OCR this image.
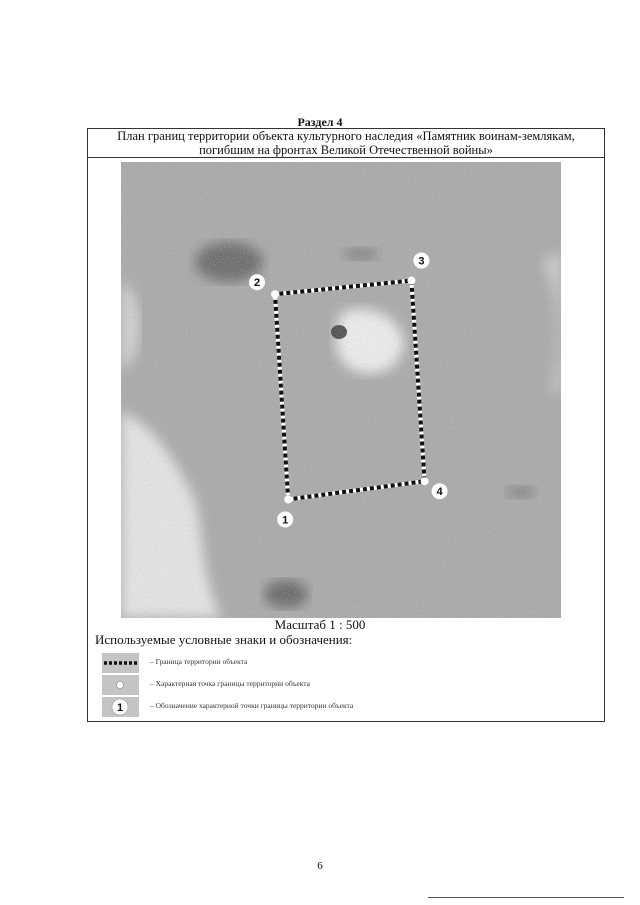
Раздел 4
План границ территории объекта культурного наследия «Памятник воинам-землякам,
погибшим на фронтах Великой Отечественной войны»
1
2
3
4
Масштаб 1 : 500
Используемые условные знаки и обозначения:
– Граница территории объекта
– Характерная точка границы территории объекта
1	– Обозначение характерной точки границы территории объекта
6
